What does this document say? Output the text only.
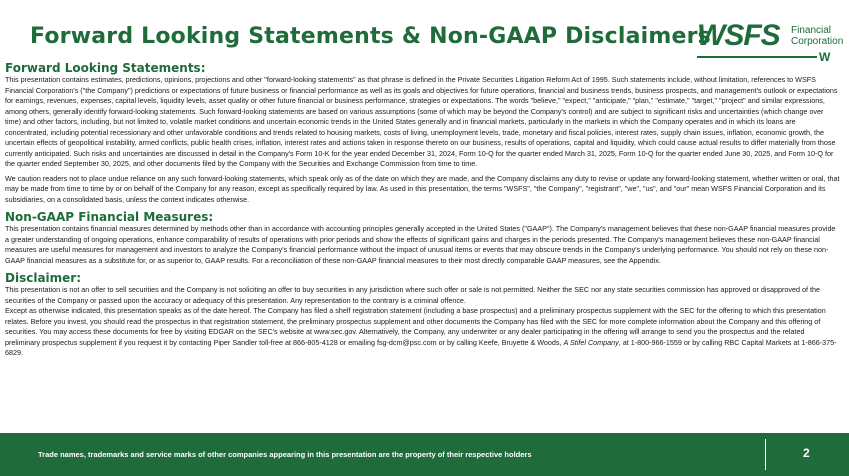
Forward Looking Statements & Non-GAAP Disclaimers
WSFS Financial
Corporation
W
Forward Looking Statements:

This presentation contains estimates, predictions, opinions, projections and other "forward-looking statements" as that phrase is defined in the Private Securities Litigation Reform Act of 1995. Such statements include, without limitation, references to WSFS Financial Corporation's ("the Company") predictions or expectations of future business or financial performance as well as its goals and objectives for future operations, financial and business trends, business prospects, and management's outlook or expectations for earnings, revenues, expenses, capital levels, liquidity levels, asset quality or other future financial or business performance, strategies or expectations. The words "believe," "expect," "anticipate," "plan," "estimate," "target," "project" and similar expressions, among others, generally identify forward-looking statements. Such forward-looking statements are based on various assumptions (some of which may be beyond the Company's control) and are subject to significant risks and uncertainties (which change over time) and other factors, including, but not limited to, volatile market conditions and uncertain economic trends in the United States generally and in financial markets, particularly in the markets in which the Company operates and in which its loans are concentrated, including potential recessionary and other unfavorable conditions and trends related to housing markets, costs of living, unemployment levels, trade, monetary and fiscal policies, interest rates, supply chain issues, inflation, economic growth, the uncertain effects of geopolitical instability, armed conflicts, public health crises, inflation, interest rates and actions taken in response thereto on our business, results of operations, capital and liquidity, which could cause actual results to differ materially from those currently anticipated. Such risks and uncertainties are discussed in detail in the Company's Form 10-K for the year ended December 31, 2024, Form 10-Q for the quarter ended March 31, 2025, Form 10-Q for the quarter ended June 30, 2025, and Form 10-Q for the quarter ended September 30, 2025, and other documents filed by the Company with the Securities and Exchange Commission from time to time.

We caution readers not to place undue reliance on any such forward-looking statements, which speak only as of the date on which they are made, and the Company disclaims any duty to revise or update any forward-looking statement, whether written or oral, that may be made from time to time by or on behalf of the Company for any reason, except as specifically required by law. As used in this presentation, the terms "WSFS", "the Company", "registrant", "we", "us", and "our" mean WSFS Financial Corporation and its subsidiaries, on a consolidated basis, unless the context indicates otherwise.

Non-GAAP Financial Measures:

This presentation contains financial measures determined by methods other than in accordance with accounting principles generally accepted in the United States ("GAAP"). The Company's management believes that these non-GAAP financial measures provide a greater understanding of ongoing operations, enhance comparability of results of operations with prior periods and show the effects of significant gains and charges in the periods presented. The Company's management believes these non-GAAP financial measures are useful measures for management and investors to analyze the Company's financial performance without the impact of unusual items or events that may obscure trends in the Company's underlying performance. You should not rely on these non-GAAP financial measures as a substitute for, or as superior to, GAAP results. For a reconciliation of these non-GAAP financial measures to their most directly comparable GAAP measures, see the Appendix.

Disclaimer:

This presentation is not an offer to sell securities and the Company is not soliciting an offer to buy securities in any jurisdiction where such offer or sale is not permitted. Neither the SEC nor any state securities commission has approved or disapproved of the securities of the Company or passed upon the accuracy or adequacy of this presentation. Any representation to the contrary is a criminal offence.

Except as otherwise indicated, this presentation speaks as of the date hereof. The Company has filed a shelf registration statement (including a base prospectus) and a preliminary prospectus supplement with the SEC for the offering to which this presentation relates. Before you invest, you should read the prospectus in that registration statement, the preliminary prospectus supplement and other documents the Company has filed with the SEC for more complete information about the Company and this offering of securities. You may access these documents for free by visiting EDGAR on the SEC's website at www.sec.gov. Alternatively, the Company, any underwriter or any dealer participating in the offering will arrange to send you the prospectus and the related preliminary prospectus supplement if you request it by contacting Piper Sandler toll-free at 866-805-4128 or emailing fsg-dcm@psc.com or by calling Keefe, Bruyette & Woods, A Stifel Company, at 1-800-966-1559 or by calling RBC Capital Markets at 1-866-375-6829.

Trade names, trademarks and service marks of other companies appearing in this presentation are the property of their respective holders	2
